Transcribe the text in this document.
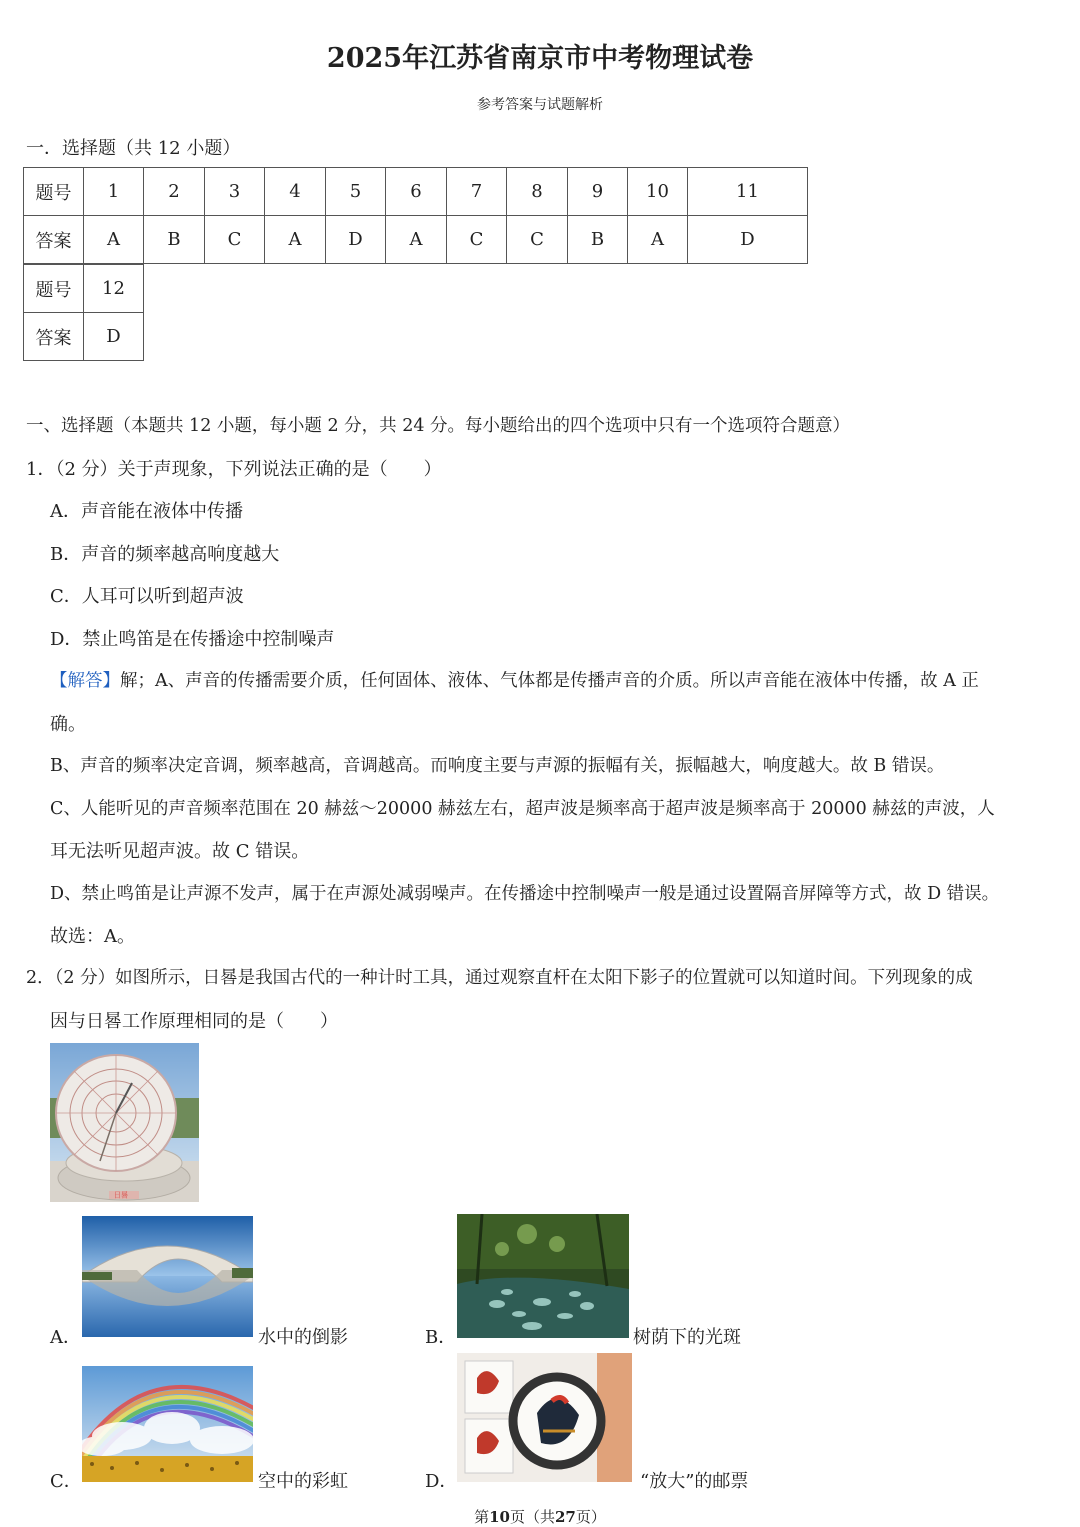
2025年江苏省南京市中考物理试卷
参考答案与试题解析
一．选择题（共 12 小题）
题号	1	2	3	4	5	6	7	8	9	10	11
答案	A	B	C	A	D	A	C	C	B	A	D
题号	12
答案	D
一、选择题（本题共 12 小题，每小题 2 分，共 24 分。每小题给出的四个选项中只有一个选项符合题意）
1．（2 分）关于声现象，下列说法正确的是（　　）
A．声音能在液体中传播
B．声音的频率越高响度越大
C．人耳可以听到超声波
D．禁止鸣笛是在传播途中控制噪声
【解答】解；A、声音的传播需要介质，任何固体、液体、气体都是传播声音的介质。所以声音能在液体中传播，故 A 正
确。
B、声音的频率决定音调，频率越高，音调越高。而响度主要与声源的振幅有关，振幅越大，响度越大。故 B 错误。
C、人能听见的声音频率范围在 20 赫兹～20000 赫兹左右，超声波是频率高于超声波是频率高于 20000 赫兹的声波，人
耳无法听见超声波。故 C 错误。
D、禁止鸣笛是让声源不发声，属于在声源处减弱噪声。在传播途中控制噪声一般是通过设置隔音屏障等方式，故 D 错误。
故选：A。
2．（2 分）如图所示，日晷是我国古代的一种计时工具，通过观察直杆在太阳下影子的位置就可以知道时间。下列现象的成
因与日晷工作原理相同的是（　　）
日晷
A．	水中的倒影	B．	树荫下的光斑
C．	空中的彩虹	D．	“放大”的邮票
第10页（共27页）
